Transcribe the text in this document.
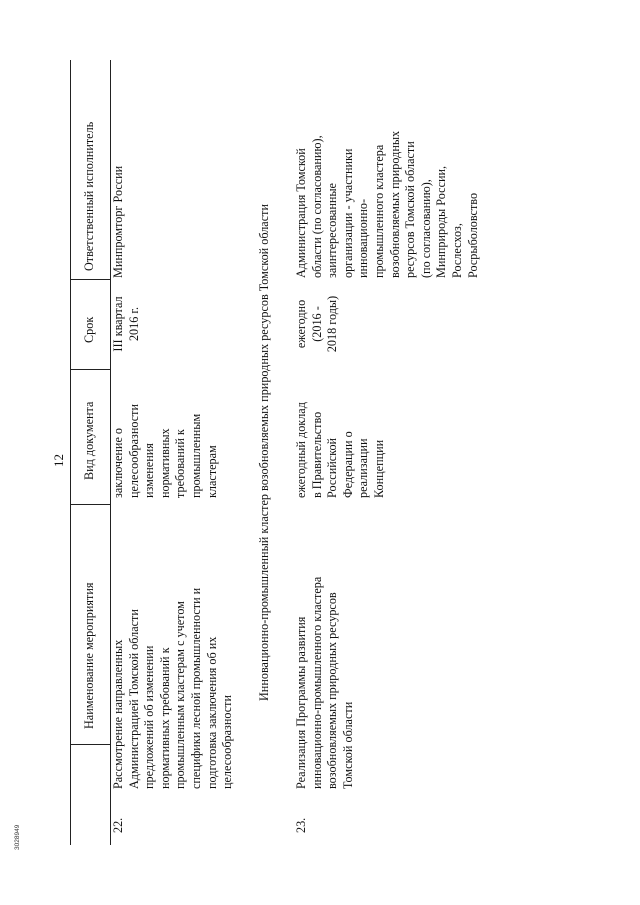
12
Наименование мероприятия
Вид документа
Срок
Ответственный исполнитель
22.

Рассмотрение направленных Администрацией Томской области предложений об изменении нормативных требований к промышленным кластерам с учетом специфики лесной промышленности и подготовка заключения об их целесообразности

заключение о целесообразности изменения нормативных требований к промышленным кластерам

III квартал 2016 г.

Минпромторг России	Инновационно-промышленный кластер возобновляемых природных ресурсов Томской области
23.

Реализация Программы развития инновационно-промышленного кластера возобновляемых природных ресурсов Томской области

ежегодный доклад в Правительство Российской Федерации о реализации Концепции

ежегодно (2016 - 2018 годы)

Администрация Томской области (по согласованию), заинтересованные организации - участники инновационно- промышленного кластера возобновляемых природных ресурсов Томской области (по согласованию), Минприроды России, Рослесхоз, Росрыболовство

3028949
